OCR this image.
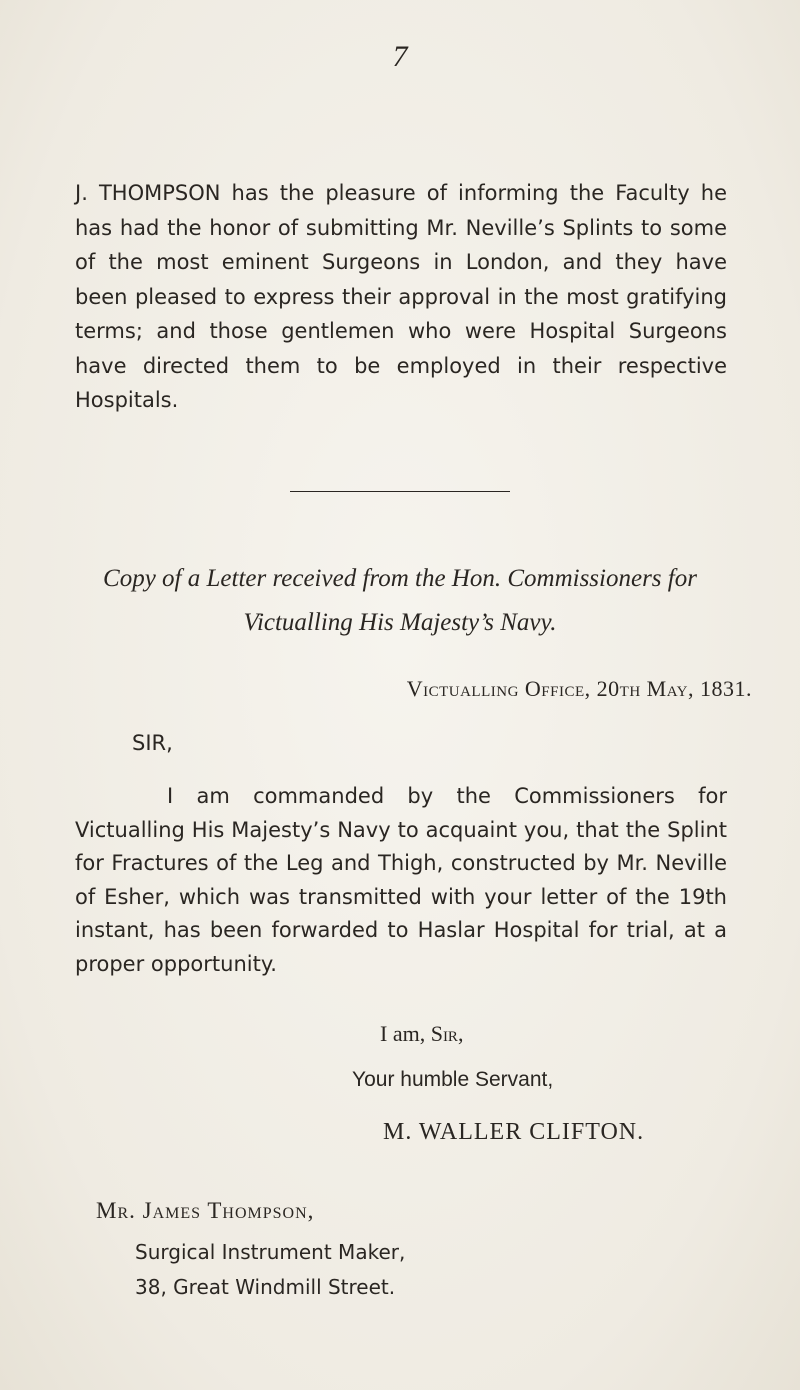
7
J. THOMPSON has the pleasure of informing the Faculty he has had the honor of submitting Mr. Neville’s Splints to some of the most eminent Surgeons in London, and they have been pleased to express their approval in the most gratifying terms; and those gentlemen who were Hospital Surgeons have directed them to be employed in their respective Hospitals.
Copy of a Letter received from the Hon. Commissioners for Victualling His Majesty’s Navy.
Victualling Office, 20th May, 1831.
SIR,
I am commanded by the Commissioners for Victualling His Majesty’s Navy to acquaint you, that the Splint for Fractures of the Leg and Thigh, constructed by Mr. Neville of Esher, which was transmitted with your letter of the 19th instant, has been forwarded to Haslar Hospital for trial, at a proper opportunity.
I am, Sir,
Your humble Servant,
M. WALLER CLIFTON.
Mr. James Thompson,
Surgical Instrument Maker,
38, Great Windmill Street.
